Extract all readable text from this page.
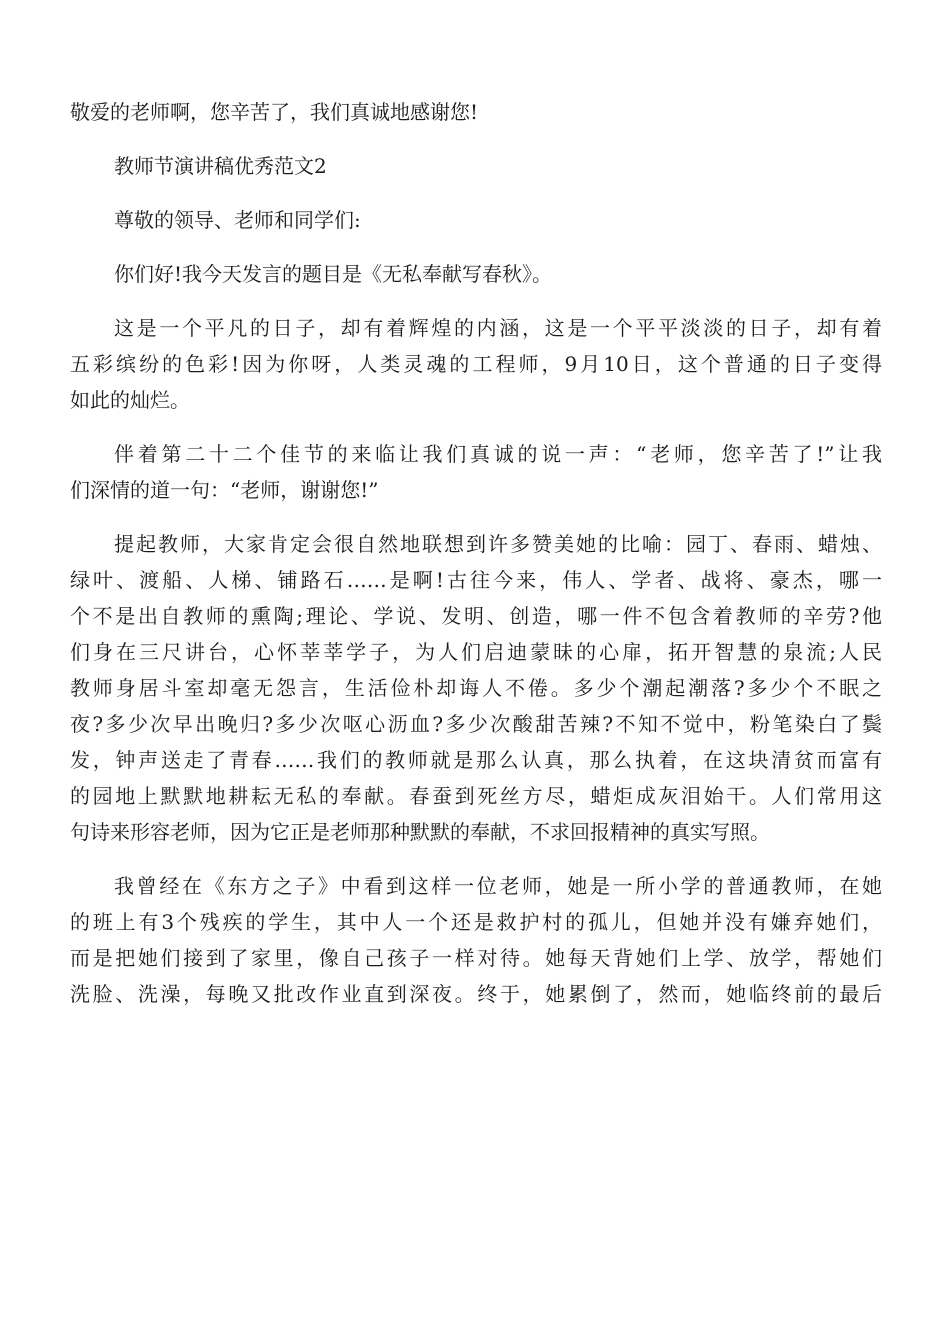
敬爱的老师啊，您辛苦了，我们真诚地感谢您!
教师节演讲稿优秀范文2
尊敬的领导、老师和同学们:
你们好!我今天发言的题目是《无私奉献写春秋》。
这是一个平凡的日子，却有着辉煌的内涵，这是一个平平淡淡的日子，却有着
五彩缤纷的色彩!因为你呀，人类灵魂的工程师，9月10日，这个普通的日子变得
如此的灿烂。
伴着第二十二个佳节的来临让我们真诚的说一声：“老师，您辛苦了!”让我
们深情的道一句：“老师，谢谢您!”
提起教师，大家肯定会很自然地联想到许多赞美她的比喻：园丁、春雨、蜡烛、
绿叶、渡船、人梯、铺路石……是啊!古往今来，伟人、学者、战将、豪杰，哪一
个不是出自教师的熏陶;理论、学说、发明、创造，哪一件不包含着教师的辛劳?他
们身在三尺讲台，心怀莘莘学子，为人们启迪蒙昧的心扉，拓开智慧的泉流;人民
教师身居斗室却毫无怨言，生活俭朴却诲人不倦。多少个潮起潮落?多少个不眠之
夜?多少次早出晚归?多少次呕心沥血?多少次酸甜苦辣?不知不觉中，粉笔染白了鬓
发，钟声送走了青春……我们的教师就是那么认真，那么执着，在这块清贫而富有
的园地上默默地耕耘无私的奉献。春蚕到死丝方尽，蜡炬成灰泪始干。人们常用这
句诗来形容老师，因为它正是老师那种默默的奉献，不求回报精神的真实写照。
我曾经在《东方之子》中看到这样一位老师，她是一所小学的普通教师，在她
的班上有3个残疾的学生，其中人一个还是救护村的孤儿，但她并没有嫌弃她们，
而是把她们接到了家里，像自己孩子一样对待。她每天背她们上学、放学，帮她们
洗脸、洗澡，每晚又批改作业直到深夜。终于，她累倒了，然而，她临终前的最后
